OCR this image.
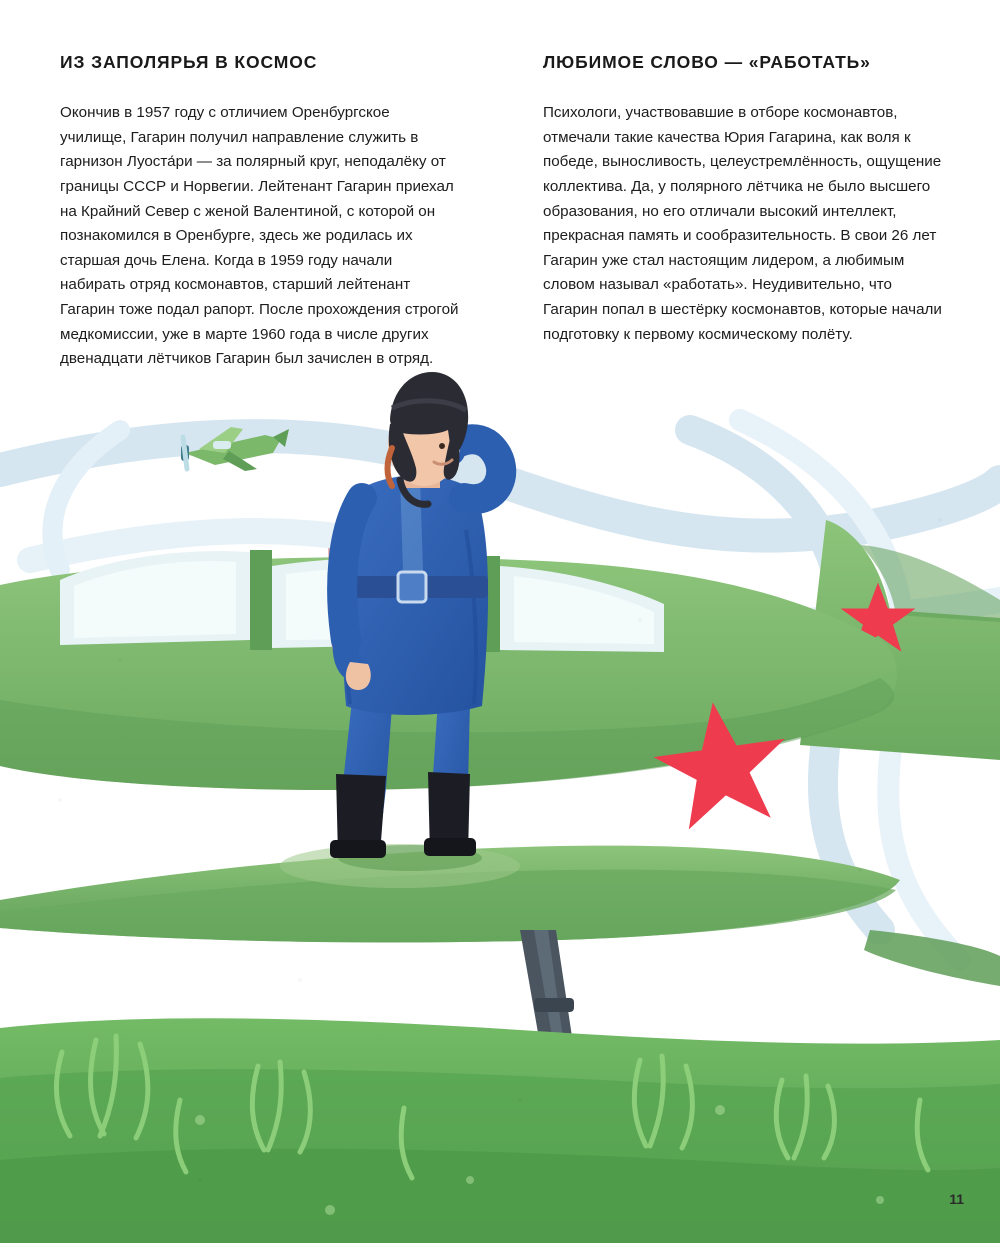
ИЗ ЗАПОЛЯРЬЯ В КОСМОС

Окончив в 1957 году с отличием Оренбургское училище, Гагарин получил направление служить в гарнизон Луоста́ри — за полярный круг, неподалёку от границы СССР и Норвегии. Лейтенант Гагарин приехал на Крайний Север с женой Валентиной, с которой он познакомился в Оренбурге, здесь же родилась их старшая дочь Елена. Когда в 1959 году начали набирать отряд космонавтов, старший лейтенант Гагарин тоже подал рапорт. После прохождения строгой медкомиссии, уже в марте 1960 года в числе других двенадцати лётчиков Гагарин был зачислен в отряд.

ЛЮБИМОЕ СЛОВО — «РАБОТАТЬ»

Психологи, участвовавшие в отборе космонавтов, отмечали такие качества Юрия Гагарина, как воля к победе, выносливость, целеустремлённость, ощущение коллектива. Да, у полярного лётчика не было высшего образования, но его отличали высокий интеллект, прекрасная память и сообразительность. В свои 26 лет Гагарин уже стал настоящим лидером, а любимым словом называл «работать». Неудивительно, что Гагарин попал в шестёрку космонавтов, которые начали подготовку к первому космическому полёту.

11
